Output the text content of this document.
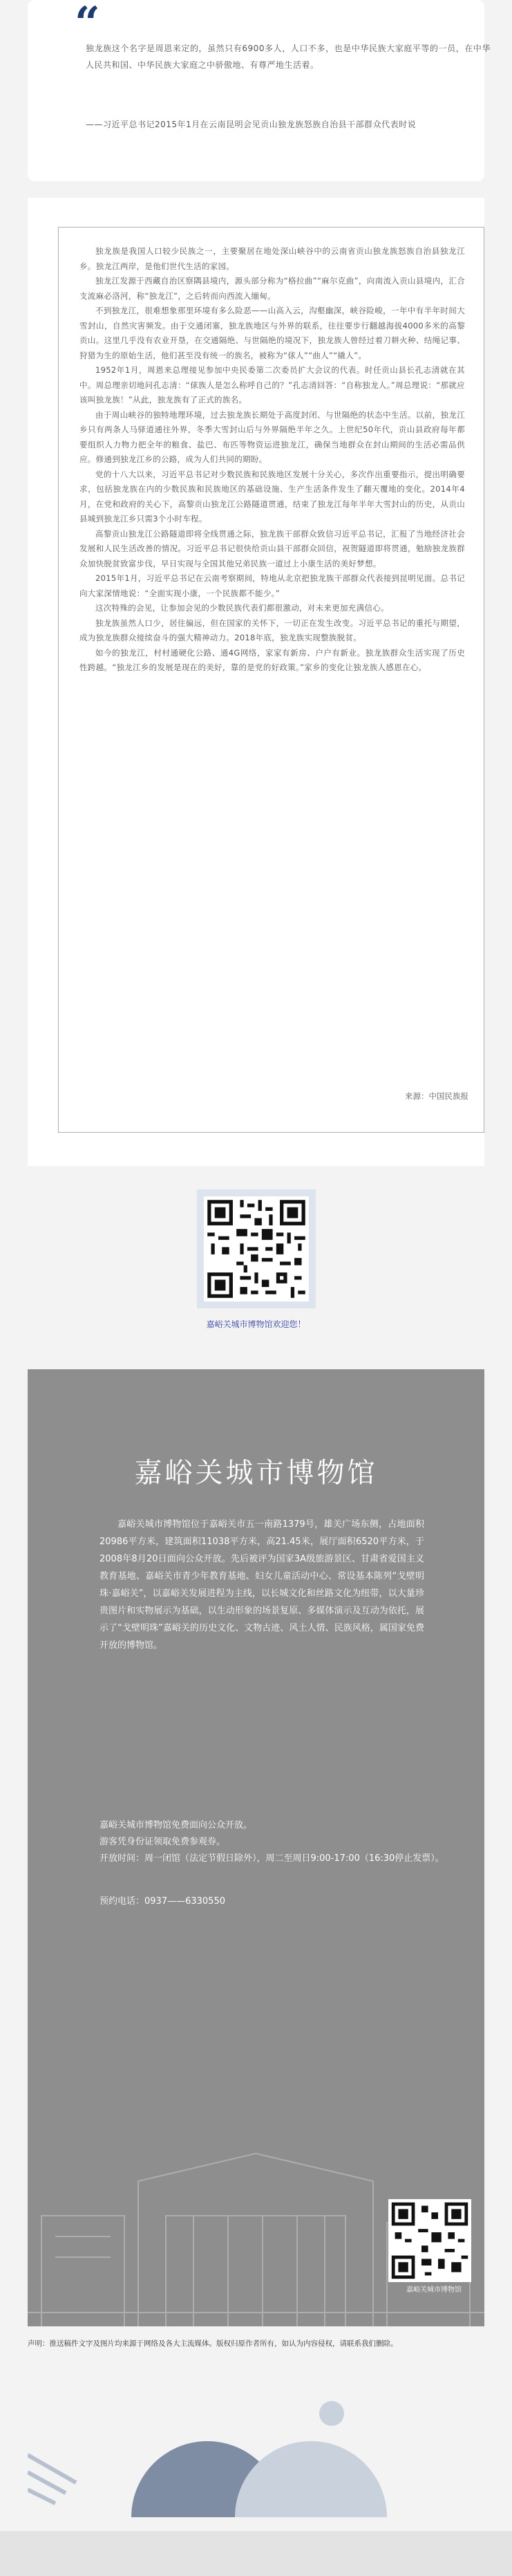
“
独龙族这个名字是周恩来定的，虽然只有6900多人，人口不多，也是中华民族大家庭平等的一员，在中华人民共和国、中华民族大家庭之中骄傲地、有尊严地生活着。
——习近平总书记2015年1月在云南昆明会见贡山独龙族怒族自治县干部群众代表时说

独龙族是我国人口较少民族之一，主要聚居在地处深山峡谷中的云南省贡山独龙族怒族自治县独龙江乡。独龙江两岸，是他们世代生活的家园。

独龙江发源于西藏自治区察隅县境内，源头部分称为“格拉曲”“麻尔克曲”，向南流入贡山县境内，汇合支流麻必洛河，称“独龙江”，之后转而向西流入缅甸。

不到独龙江，很难想象那里环境有多么险恶——山高入云，沟壑幽深，峡谷险峻，一年中有半年时间大雪封山，自然灾害频发。由于交通闭塞，独龙族地区与外界的联系，往往要步行翻越海拔4000多米的高黎贡山。这里几乎没有农业开垦，在交通隔绝、与世隔绝的境况下，独龙族人曾经过着刀耕火种、结绳记事、狩猎为生的原始生活，他们甚至没有统一的族名，被称为“俅人”“曲人”“撬人”。

1952年1月，周恩来总理接见参加中央民委第二次委员扩大会议的代表。时任贡山县长孔志清就在其中。周总理亲切地问孔志清：“俅族人是怎么称呼自己的？”孔志清回答：“自称独龙人。”周总理说：“那就应该叫独龙族！”从此，独龙族有了正式的族名。

由于周山峡谷的独特地理环境，过去独龙族长期处于高度封闭、与世隔绝的状态中生活。以前，独龙江乡只有两条人马驿道通往外界，冬季大雪封山后与外界隔绝半年之久。上世纪50年代，贡山县政府每年都要组织人力物力把全年的粮食、盐巴、布匹等物资运进独龙江，确保当地群众在封山期间的生活必需品供应。修通到独龙江乡的公路，成为人们共同的期盼。

党的十八大以来，习近平总书记对少数民族和民族地区发展十分关心，多次作出重要指示，提出明确要求，包括独龙族在内的少数民族和民族地区的基础设施、生产生活条件发生了翻天覆地的变化。2014年4月，在党和政府的关心下，高黎贡山独龙江公路隧道贯通，结束了独龙江每年半年大雪封山的历史，从贡山县城到独龙江乡只需3个小时车程。

高黎贡山独龙江公路隧道即将全线贯通之际，独龙族干部群众致信习近平总书记，汇报了当地经济社会发展和人民生活改善的情况。习近平总书记很快给贡山县干部群众回信，祝贺隧道即将贯通，勉励独龙族群众加快脱贫致富步伐，早日实现与全国其他兄弟民族一道过上小康生活的美好梦想。

2015年1月，习近平总书记在云南考察期间，特地从北京把独龙族干部群众代表接到昆明见面。总书记向大家深情地说：“全面实现小康，一个民族都不能少。”

这次特殊的会见，让参加会见的少数民族代表们都很激动，对未来更加充满信心。

独龙族虽然人口少，居住偏远，但在国家的关怀下，一切正在发生改变。习近平总书记的重托与期望，成为独龙族群众接续奋斗的强大精神动力。2018年底，独龙族实现整族脱贫。

如今的独龙江，村村通硬化公路、通4G网络，家家有新房、户户有新业。独龙族群众生活实现了历史性跨越。“独龙江乡的发展是现在的美好，靠的是党的好政策。”家乡的变化让独龙族人感恩在心。

来源：中国民族报
嘉峪关城市博物馆欢迎您！
嘉峪关城市博物馆

嘉峪关城市博物馆位于嘉峪关市五一南路1379号，雄关广场东侧，占地面积20986平方米，建筑面积11038平方米，高21.45米，展厅面积6520平方米，于2008年8月20日面向公众开放。先后被评为国家3A级旅游景区、甘肃省爱国主义教育基地、嘉峪关市青少年教育基地、妇女儿童活动中心、常设基本陈列“戈壁明珠·嘉峪关”，以嘉峪关发展进程为主线，以长城文化和丝路文化为纽带，以大量珍贵图片和实物展示为基础，以生动形象的场景复原、多媒体演示及互动为依托，展示了“戈壁明珠”嘉峪关的历史文化、文物古迹、风土人情、民族风格，属国家免费开放的博物馆。

嘉峪关城市博物馆免费面向公众开放。
游客凭身份证领取免费参观券。
开放时间：周一闭馆（法定节假日除外），周二至周日9:00-17:00（16:30停止发票）。
预约电话：0937——6330550
嘉峪关城市博物馆
声明：推送稿件文字及图片均来源于网络及各大主流媒体。版权归原作者所有，如认为内容侵权，请联系我们删除。
